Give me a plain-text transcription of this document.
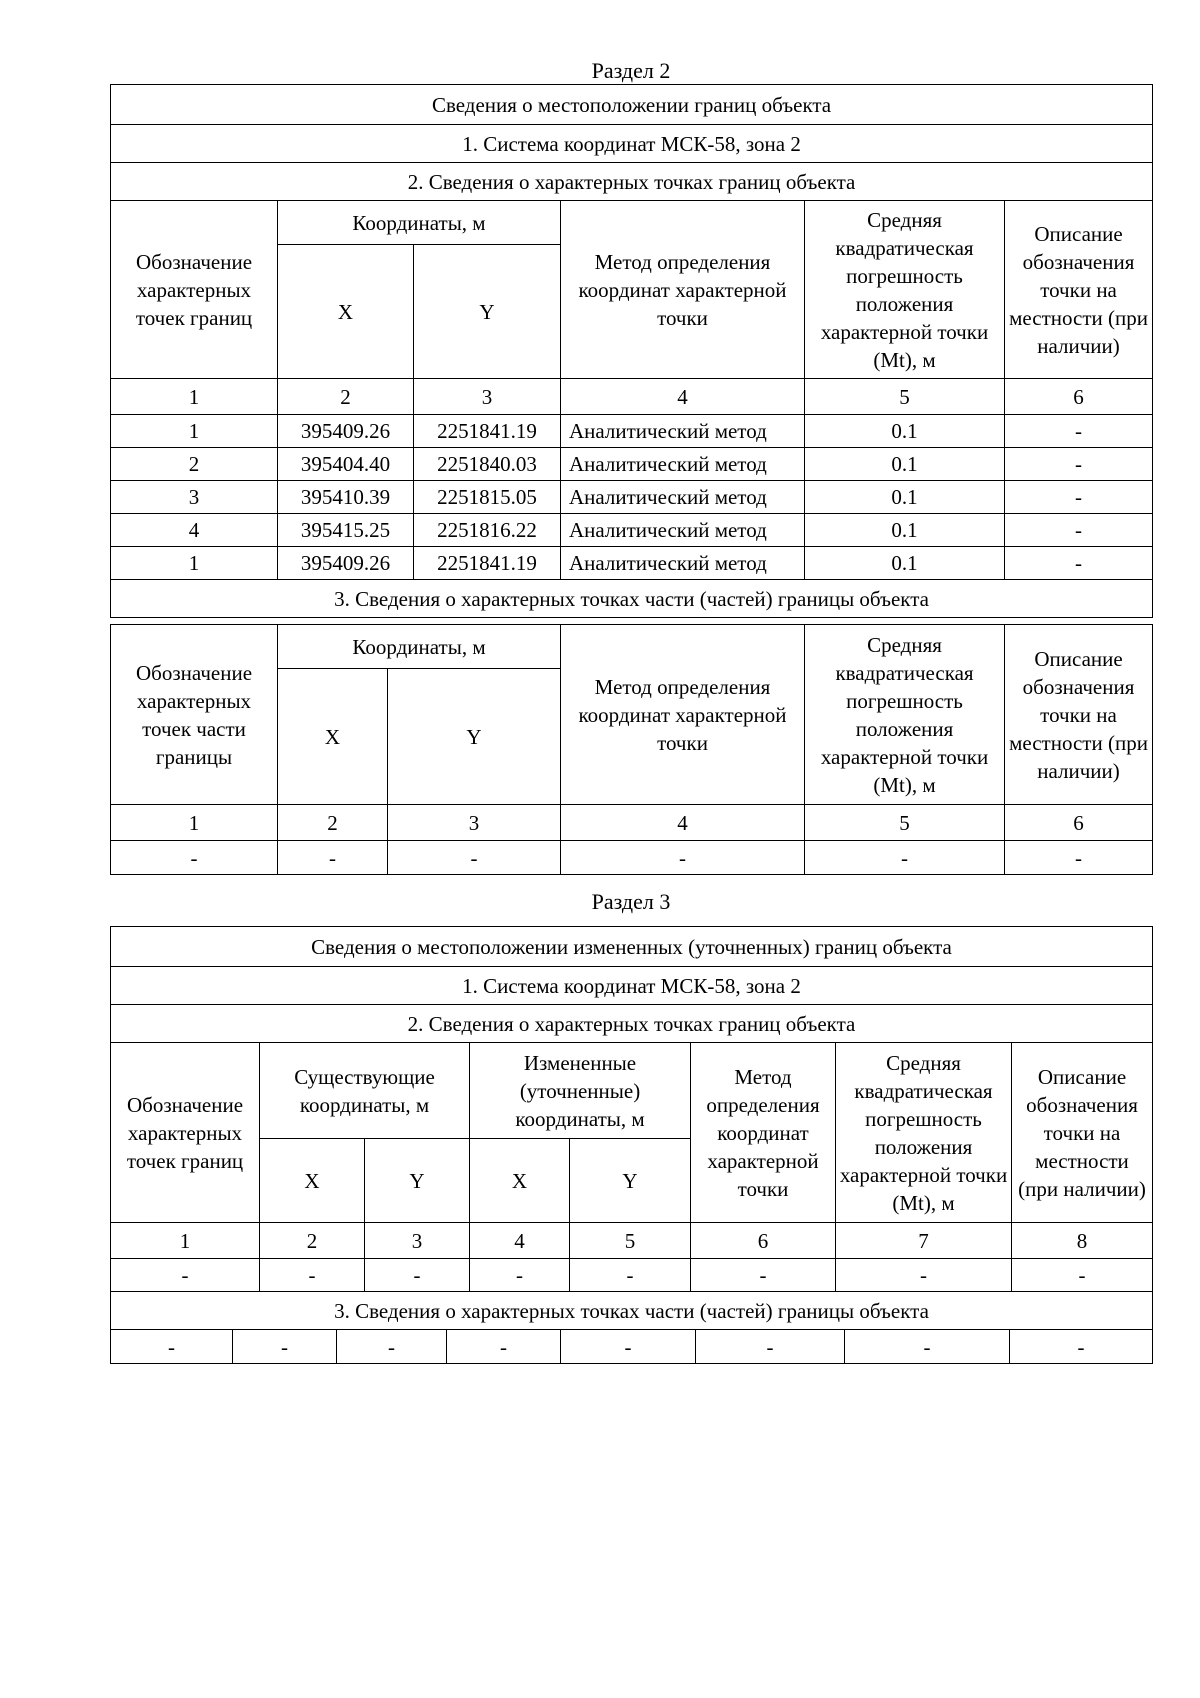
Раздел 2
Сведения о местоположении границ объекта					
1. Система координат МСК-58, зона 2					
2. Сведения о характерных точках границ объекта					
Обозначение характерных точек границ	Координаты, м		Метод определения координат характерной точки	Средняя квадратическая погрешность положения характерной точки (Mt), м	Описание обозначения точки на местности (при наличии)
	X	Y			
1	2	3	4	5	6
1	395409.26	2251841.19	Аналитический метод	0.1	-
2	395404.40	2251840.03	Аналитический метод	0.1	-
3	395410.39	2251815.05	Аналитический метод	0.1	-
4	395415.25	2251816.22	Аналитический метод	0.1	-
1	395409.26	2251841.19	Аналитический метод	0.1	-
3. Сведения о характерных точках части (частей) границы объекта					
Обозначение характерных точек части границы	Координаты, м		Метод определения координат характерной точки	Средняя квадратическая погрешность положения характерной точки (Mt), м	Описание обозначения точки на местности (при наличии)
	X	Y			
1	2	3	4	5	6
-	-	-	-	-	-
Раздел 3
Сведения о местоположении измененных (уточненных) границ объекта							
1. Система координат МСК-58, зона 2							
2. Сведения о характерных точках границ объекта							
Обозначение характерных точек границ	Существующие координаты, м		Измененные (уточненные) координаты, м		Метод определения координат характерной точки	Средняя квадратическая погрешность положения характерной точки (Mt), м	Описание обозначения точки на местности (при наличии)
	X	Y	X	Y			
1	2	3	4	5	6	7	8
-	-	-	-	-	-	-	-
3. Сведения о характерных точках части (частей) границы объекта							
-	-	-	-	-	-	-	-
